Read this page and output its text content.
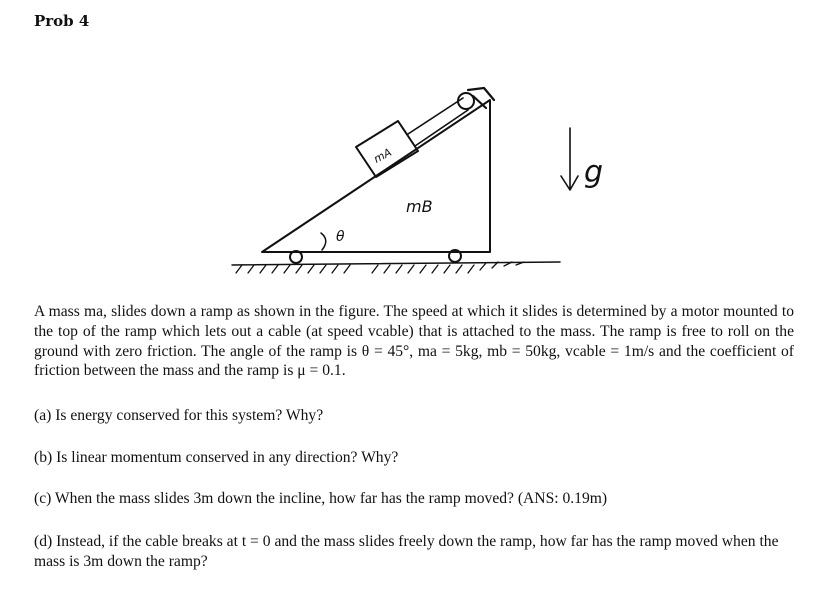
Prob 4
mA
mB
θ
g
A mass ma, slides down a ramp as shown in the figure. The speed at which it slides is determined by a motor mounted to the top of the ramp which lets out a cable (at speed vcable) that is attached to the mass. The ramp is free to roll on the ground with zero friction. The angle of the ramp is θ = 45°, ma = 5kg, mb = 50kg, vcable = 1m/s and the coefficient of friction between the mass and the ramp is μ = 0.1.
(a) Is energy conserved for this system? Why?
(b) Is linear momentum conserved in any direction? Why?
(c) When the mass slides 3m down the incline, how far has the ramp moved? (ANS: 0.19m)
(d) Instead, if the cable breaks at t = 0 and the mass slides freely down the ramp, how far has the ramp moved when the mass is 3m down the ramp?
